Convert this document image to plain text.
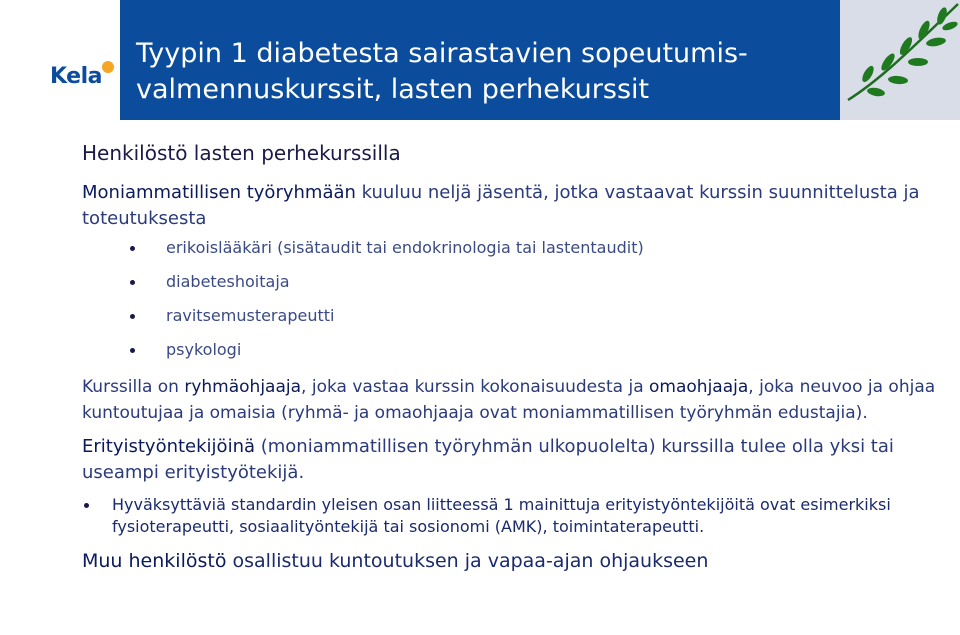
Kela
Tyypin 1 diabetesta sairastavien sopeutumis-
valmennuskurssit, lasten perhekurssit
Henkilöstö lasten perhekurssilla

Moniammatillisen työryhmään kuuluu neljä jäsentä, jotka vastaavat kurssin suunnittelusta ja toteutuksesta

erikoislääkäri (sisätaudit tai endokrinologia tai lastentaudit)
diabeteshoitaja
ravitsemusterapeutti
psykologi

Kurssilla on ryhmäohjaaja, joka vastaa kurssin kokonaisuudesta ja omaohjaaja, joka neuvoo ja ohjaa kuntoutujaa ja omaisia (ryhmä- ja omaohjaaja ovat moniammatillisen työryhmän edustajia).

Erityistyöntekijöinä (moniammatillisen työryhmän ulkopuolelta) kurssilla tulee olla yksi tai useampi erityistyötekijä.

Hyväksyttäviä standardin yleisen osan liitteessä 1 mainittuja erityistyöntekijöitä ovat esimerkiksi fysioterapeutti, sosiaalityöntekijä tai sosionomi (AMK), toimintaterapeutti.

Muu henkilöstö osallistuu kuntoutuksen ja vapaa-ajan ohjaukseen
